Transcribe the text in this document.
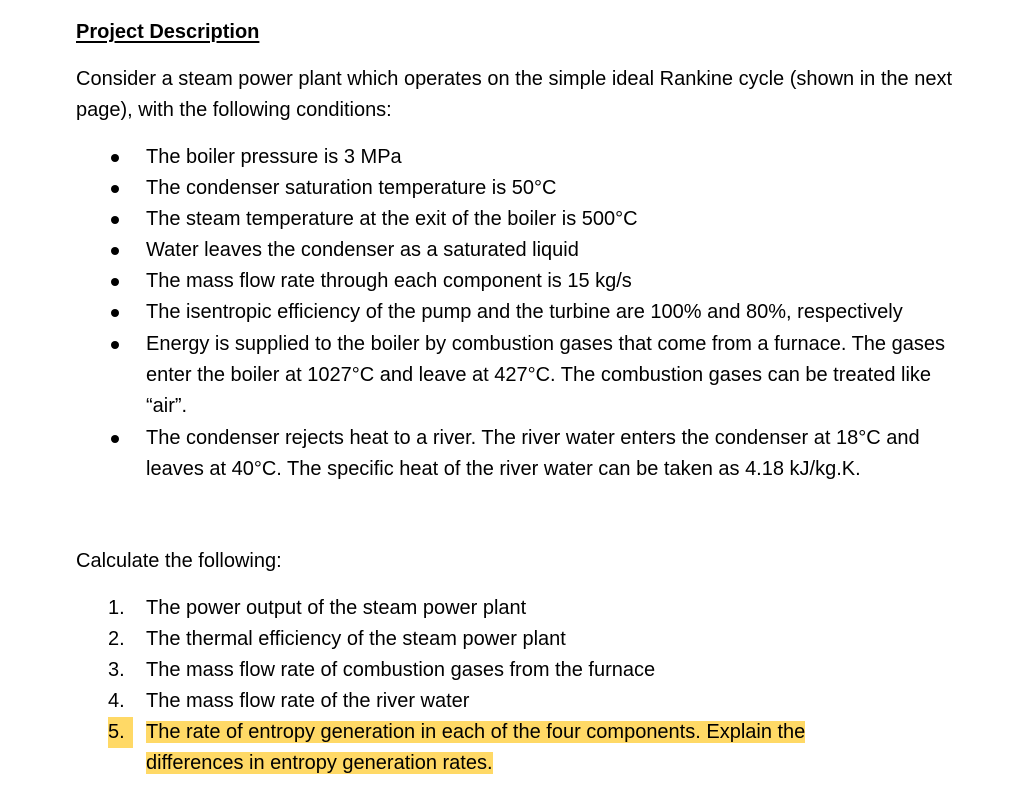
Project Description
Consider a steam power plant which operates on the simple ideal Rankine cycle (shown in the next page), with the following conditions:
The boiler pressure is 3 MPa
The condenser saturation temperature is 50°C
The steam temperature at the exit of the boiler is 500°C
Water leaves the condenser as a saturated liquid
The mass flow rate through each component is 15 kg/s
The isentropic efficiency of the pump and the turbine are 100% and 80%, respectively
Energy is supplied to the boiler by combustion gases that come from a furnace. The gases enter the boiler at 1027°C and leave at 427°C. The combustion gases can be treated like “air”.
The condenser rejects heat to a river. The river water enters the condenser at 18°C and leaves at 40°C. The specific heat of the river water can be taken as 4.18 kJ/kg.K.
Calculate the following:
1. The power output of the steam power plant
2. The thermal efficiency of the steam power plant
3. The mass flow rate of combustion gases from the furnace
4. The mass flow rate of the river water
5.	The rate of entropy generation in each of the four components. Explain the differences in entropy generation rates.
